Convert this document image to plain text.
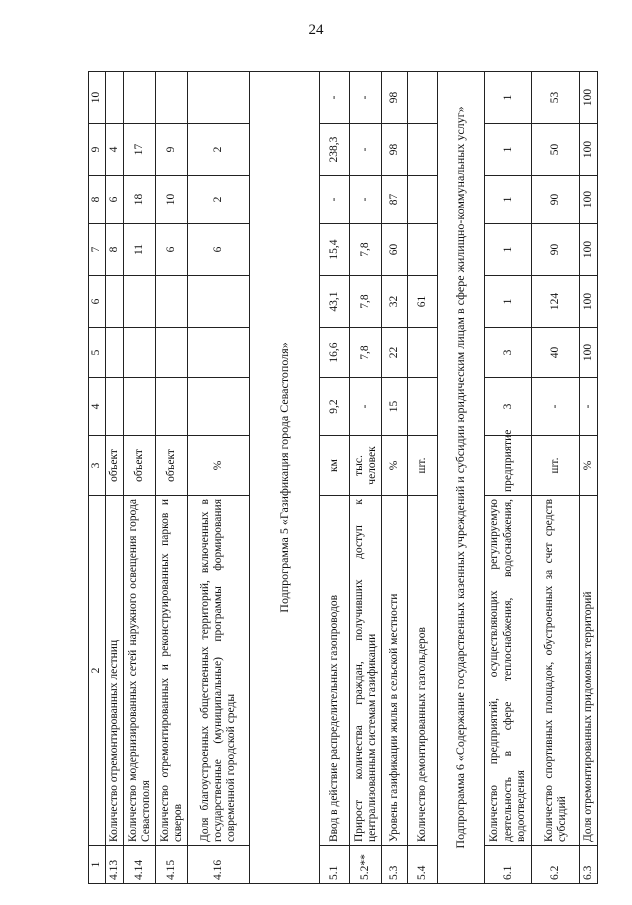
24
1	2	3	4	5	6	7	8	9	10
4.13	Количество отремонтированных лестниц	объект				8	6	4	
4.14	Количество модернизированных сетей наружного освещения города Севастополя	объект				11	18	17	
4.15	Количество отремонтированных и реконструированных парков и скверов	объект				6	10	9	
4.16	Доля благоустроенных общественных территорий, включенных в государственные (муниципальные) программы формирования современной городской среды	%				6	2	2	
Подпрограмма 5 «Газификация города Севастополя»									
5.1	Ввод в действие распределительных газопроводов	км	9,2	16,6	43,1	15,4	-	238,3	-
5.2**	Прирост количества граждан, получивших доступ к централизованным системам газификации	тыс. человек	-	7,8	7,8	7,8	-	-	-
5.3	Уровень газификации жилья в сельской местности	%	15	22	32	60	87	98	98
5.4	Количество демонтированных газгольдеров	шт.			61				
Подпрограмма 6 «Содержание государственных казенных учреждений и субсидии юридическим лицам в сфере жилищно-коммунальных услуг»									
6.1	Количество предприятий, осуществляющих регулируемую деятельность в сфере теплоснабжения, водоснабжения, водоотведения	предприятие	3	3	1	1	1	1	1
6.2	Количество спортивных площадок, обустроенных за счет средств субсидий	шт.	-	40	124	90	90	50	53
6.3	Доля отремонтированных придомовых территорий	%	-	100	100	100	100	100	100
